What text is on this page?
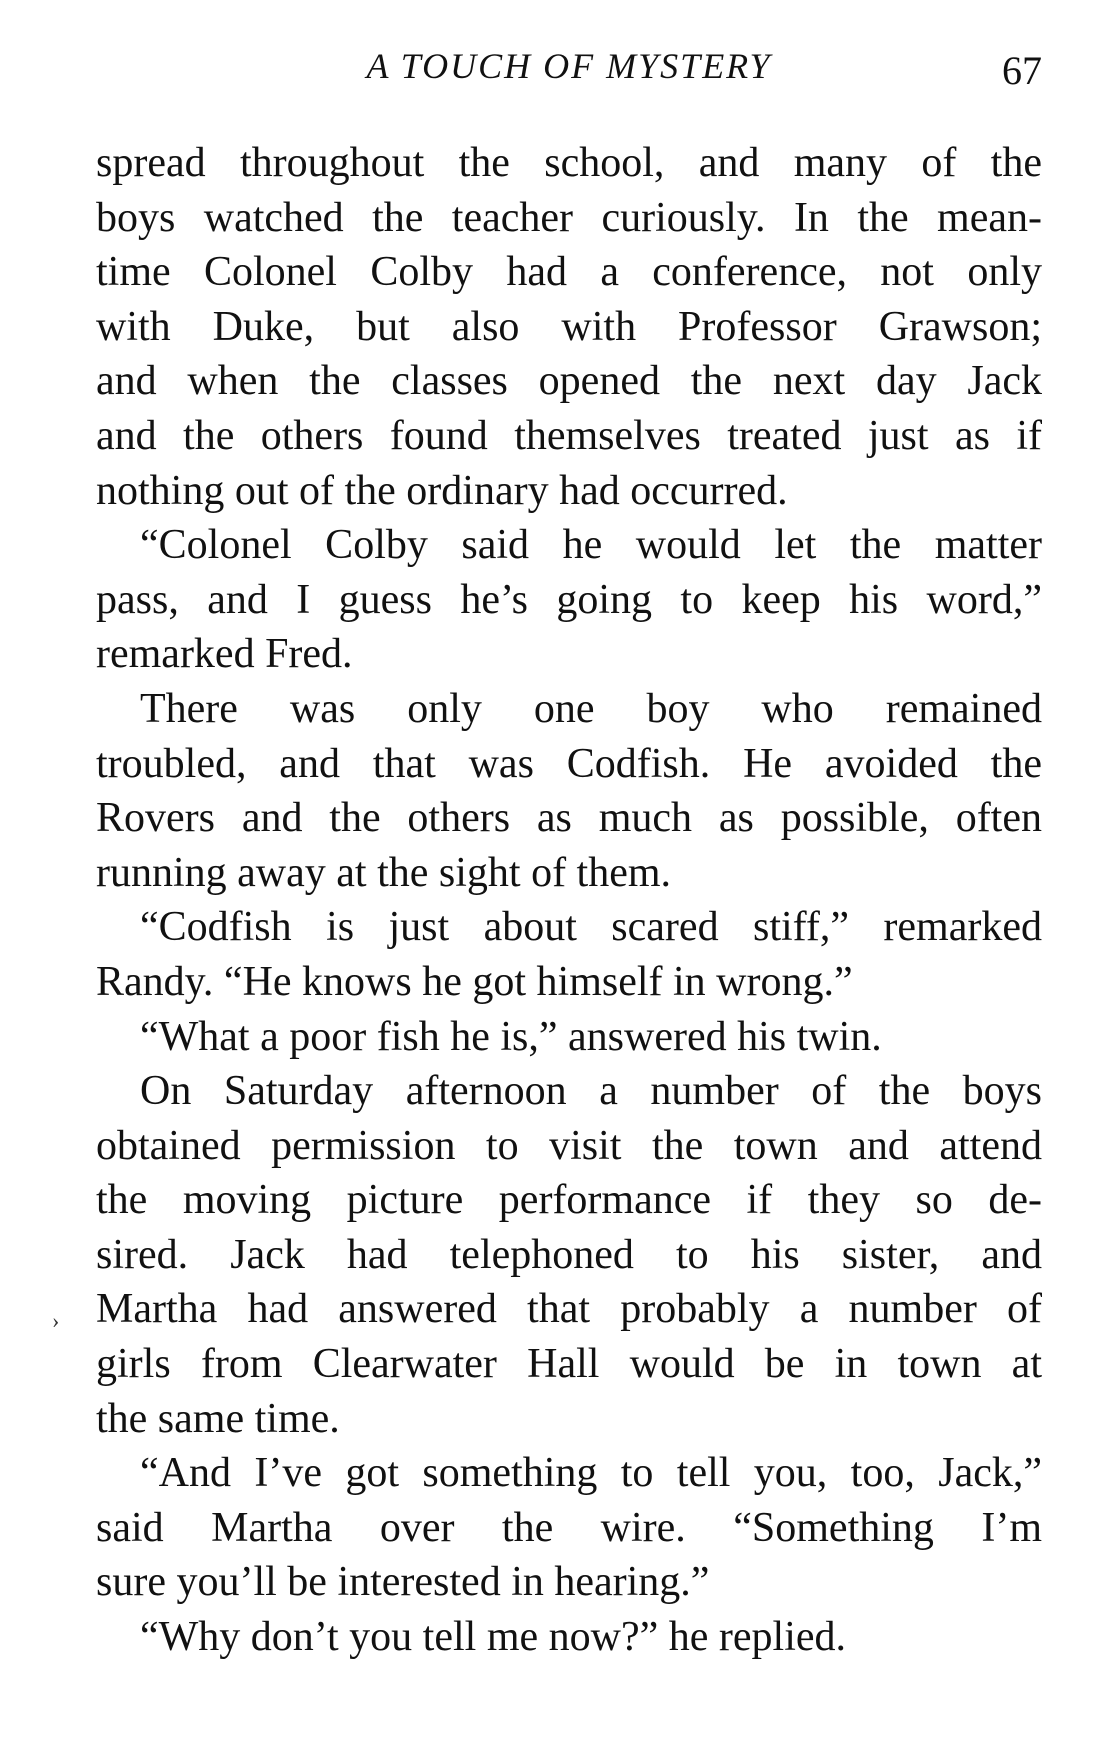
A TOUCH OF MYSTERY	67
spread throughout the school, and many of the
boys watched the teacher curiously. In the mean-
time Colonel Colby had a conference, not only
with Duke, but also with Professor Grawson;
and when the classes opened the next day Jack
and the others found themselves treated just as if
nothing out of the ordinary had occurred.
“Colonel Colby said he would let the matter
pass, and I guess he’s going to keep his word,”
remarked Fred.
There was only one boy who remained
troubled, and that was Codfish. He avoided the
Rovers and the others as much as possible, often
running away at the sight of them.
“Codfish is just about scared stiff,” remarked
Randy. “He knows he got himself in wrong.”
“What a poor fish he is,” answered his twin.
On Saturday afternoon a number of the boys
obtained permission to visit the town and attend
the moving picture performance if they so de-
sired. Jack had telephoned to his sister, and
Martha had answered that probably a number of
girls from Clearwater Hall would be in town at
the same time.
“And I’ve got something to tell you, too, Jack,”
said Martha over the wire. “Something I’m
sure you’ll be interested in hearing.”
“Why don’t you tell me now?” he replied.
›
